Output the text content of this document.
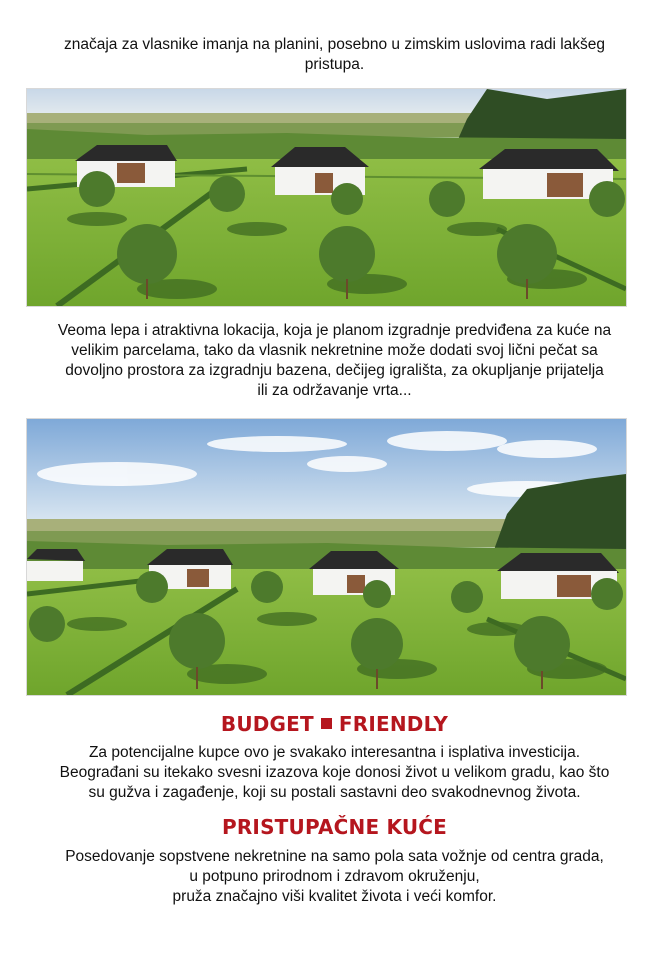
značaja za vlasnike imanja na planini, posebno u zimskim uslovima radi lakšeg
pristupa.
Veoma lepa i atraktivna lokacija, koja je planom izgradnje predviđena za kuće na
velikim parcelama, tako da vlasnik nekretnine može dodati svoj lični pečat sa
dovoljno prostora za izgradnju bazena, dečijeg igrališta, za okupljanje prijatelja
ili za održavanje vrta...
BUDGET FRIENDLY
Za potencijalne kupce ovo je svakako interesantna i isplativa investicija.
Beograđani su itekako svesni izazova koje donosi život u velikom gradu, kao što
su gužva i zagađenje, koji su postali sastavni deo svakodnevnog života.
PRISTUPAČNE KUĆE
Posedovanje sopstvene nekretnine na samo pola sata vožnje od centra grada,
u potpuno prirodnom i zdravom okruženju,
pruža značajno viši kvalitet života i veći komfor.
